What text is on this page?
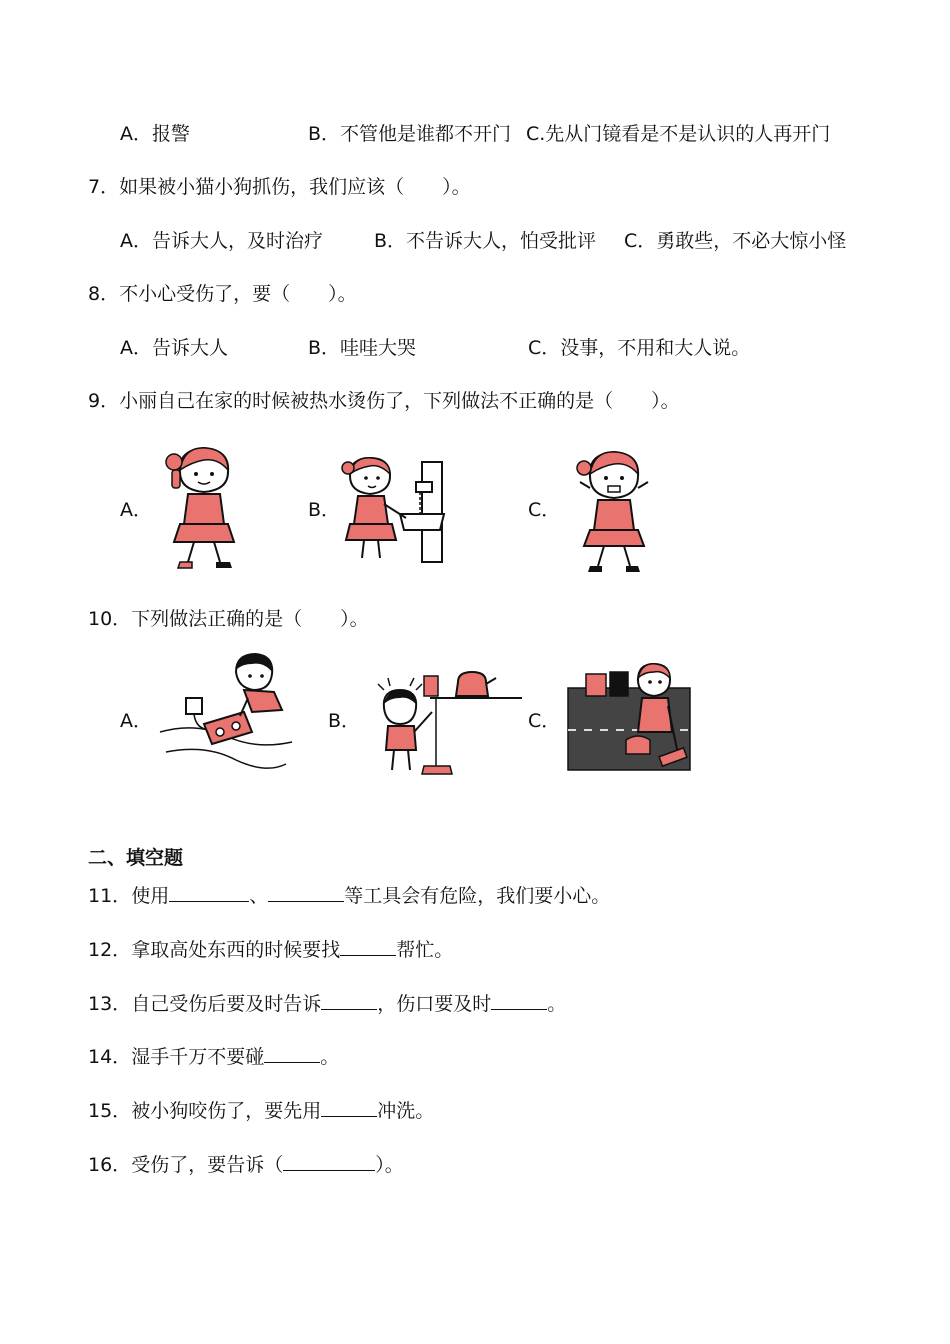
A．报警	B．不管他是谁都不开门 C.先从门镜看是不是认识的人再开门
7．如果被小猫小狗抓伤，我们应该（　　）。
A．告诉大人，及时治疗	B．不告诉大人，怕受批评 C．勇敢些，不必大惊小怪
8．不小心受伤了，要（　　）。
A．告诉大人	B．哇哇大哭	C．没事，不用和大人说。
9．小丽自己在家的时候被热水烫伤了，下列做法不正确的是（　　）。
A．	B．	C．
10．下列做法正确的是（　　）。
A．	B．	C．
二、填空题
11．使用	、	等工具会有危险，我们要小心。
12．拿取高处东西的时候要找	帮忙。
13．自己受伤后要及时告诉	，伤口要及时	。
14．湿手千万不要碰	。
15．被小狗咬伤了，要先用	冲洗。
16．受伤了，要告诉（	）。
